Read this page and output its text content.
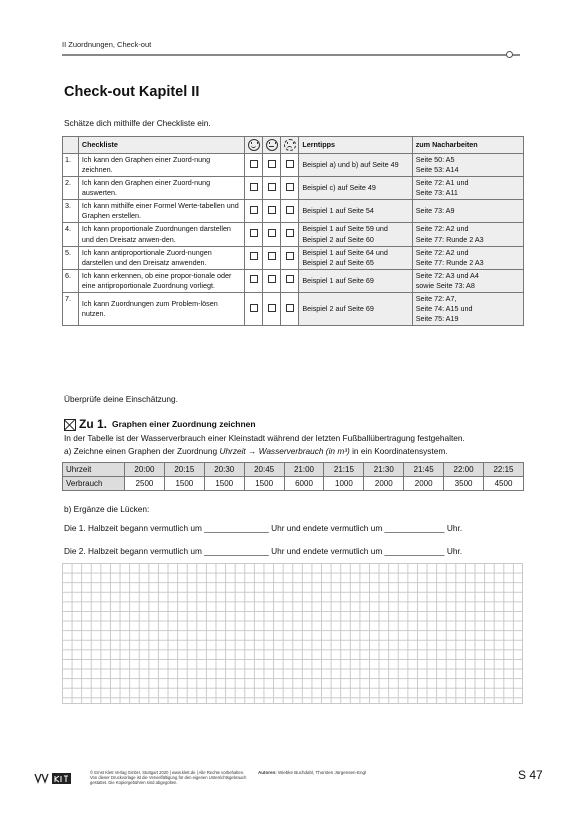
II Zuordnungen, Check-out
Check-out Kapitel II
Schätze dich mithilfe der Checkliste ein.
	Checkliste				Lerntipps	zum Nacharbeiten
1.	Ich kann den Graphen einer Zuord-nung zeichnen.				Beispiel a) und b) auf Seite 49	Seite 50: A5
Seite 53: A14
2.	Ich kann den Graphen einer Zuord-nung auswerten.				Beispiel c) auf Seite 49	Seite 72: A1 und
Seite 73: A11
3.	Ich kann mithilfe einer Formel Werte-tabellen und Graphen erstellen.				Beispiel 1 auf Seite 54	Seite 73: A9
4.	Ich kann proportionale Zuordnungen darstellen und den Dreisatz anwen-den.				Beispiel 1 auf Seite 59 und Beispiel 2 auf Seite 60	Seite 72: A2 und
Seite 77: Runde 2 A3
5.	Ich kann antiproportionale Zuord-nungen darstellen und den Dreisatz anwenden.				Beispiel 1 auf Seite 64 und Beispiel 2 auf Seite 65	Seite 72: A2 und
Seite 77: Runde 2 A3
6.	Ich kann erkennen, ob eine propor-tionale oder eine antiproportionale Zuordnung vorliegt.				Beispiel 1 auf Seite 69	Seite 72: A3 und A4
sowie Seite 73: A8
7.	Ich kann Zuordnungen zum Problem-lösen nutzen.				Beispiel 2 auf Seite 69	Seite 72: A7,
Seite 74: A15 und
Seite 75: A19
Überprüfe deine Einschätzung.
Zu 1. Graphen einer Zuordnung zeichnen
In der Tabelle ist der Wasserverbrauch einer Kleinstadt während der letzten Fußballübertragung festgehalten.
a) Zeichne einen Graphen der Zuordnung Uhrzeit → Wasserverbrauch (in m³) in ein Koordinatensystem.
Uhrzeit	20:00	20:15	20:30	20:45	21:00	21:15	21:30	21:45	22:00	22:15
Verbrauch	2500	1500	1500	1500	6000	1000	2000	2000	3500	4500
b) Ergänze die Lücken:
Die 1. Halbzeit begann vermutlich um ______________ Uhr und endete vermutlich um _____________ Uhr.
Die 2. Halbzeit begann vermutlich um ______________ Uhr und endete vermutlich um _____________ Uhr.
© Ernst Klett Verlag GmbH, Stuttgart 2020 | www.klett.de | Alle Rechte vorbehalten. Von dieser Druckvorlage ist die Vervielfältigung für den eigenen Unterrichtsgebrauch gestattet. Die Kopiergebühren sind abgegolten.
Autoren: Wiebke Buchdahl, Thorsten Jürgensen-Engl	S 47
